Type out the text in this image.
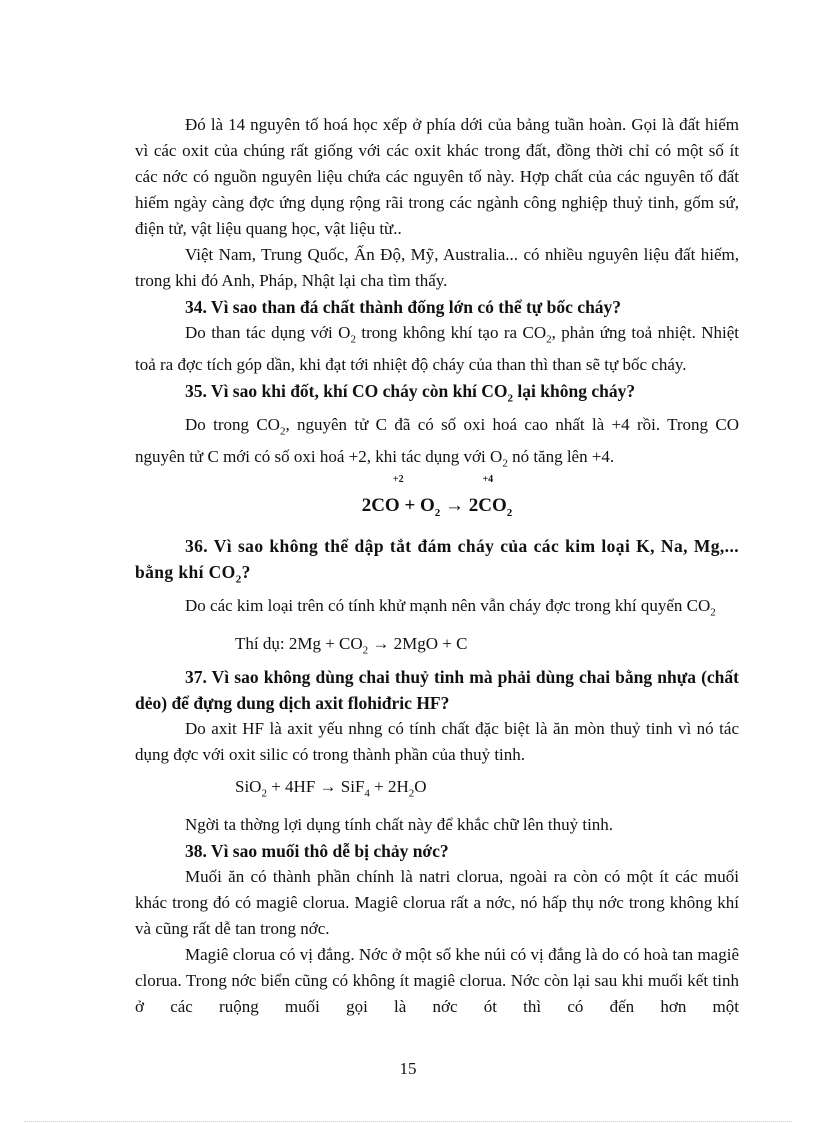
Đó là 14 nguyên tố hoá học xếp ở phía dới của bảng tuần hoàn. Gọi là đất hiếm vì các oxit của chúng rất giống với các oxit khác trong đất, đồng thời chỉ có một số ít các nớc có nguồn nguyên liệu chứa các nguyên tố này. Hợp chất của các nguyên tố đất hiếm ngày càng đợc ứng dụng rộng rãi trong các ngành công nghiệp thuỷ tinh, gốm sứ, điện tử, vật liệu quang học, vật liệu từ..

Việt Nam, Trung Quốc, Ấn Độ, Mỹ, Australia... có nhiều nguyên liệu đất hiếm, trong khi đó Anh, Pháp, Nhật lại cha tìm thấy.

34. Vì sao than đá chất thành đống lớn có thể tự bốc cháy?

Do than tác dụng với $O_2$ trong không khí tạo ra $CO_2$, phản ứng toả nhiệt. Nhiệt toả ra đợc tích góp dần, khi đạt tới nhiệt độ cháy của than thì than sẽ tự bốc cháy.

35. Vì sao khi đốt, khí CO cháy còn khí $CO_2$ lại không cháy?

Do trong $CO_2$, nguyên tử C đã có số oxi hoá cao nhất là +4 rồi. Trong CO nguyên tử C mới có số oxi hoá +2, khi tác dụng với $O_2$ nó tăng lên +4.

+2
$2CO + O_2$ →
+4
$2CO_2$
36. Vì sao không thể dập tắt đám cháy của các kim loại K, Na, Mg,... bằng khí $CO_2$?

Do các kim loại trên có tính khử mạnh nên vẫn cháy đợc trong khí quyển $CO_2$

Thí dụ: $2Mg + CO_2 \to 2MgO + C$

37. Vì sao không dùng chai thuỷ tinh mà phải dùng chai bằng nhựa (chất dẻo) để đựng dung dịch axit flohiđric HF?

Do axit HF là axit yếu nhng có tính chất đặc biệt là ăn mòn thuỷ tinh vì nó tác dụng đợc với oxit silic có trong thành phần của thuỷ tinh.

$SiO_2 + 4HF \to SiF_4 + 2H_2O$

Ngời ta thờng lợi dụng tính chất này để khắc chữ lên thuỷ tinh.

38. Vì sao muối thô dễ bị chảy nớc?

Muối ăn có thành phần chính là natri clorua, ngoài ra còn có một ít các muối khác trong đó có magiê clorua. Magiê clorua rất a nớc, nó hấp thụ nớc trong không khí và cũng rất dễ tan trong nớc.

Magiê clorua có vị đắng. Nớc ở một số khe núi có vị đắng là do có hoà tan magiê clorua. Trong nớc biển cũng có không ít magiê clorua. Nớc còn lại sau khi muối kết tinh ở các ruộng muối gọi là nớc ót thì có đến hơn một

15
